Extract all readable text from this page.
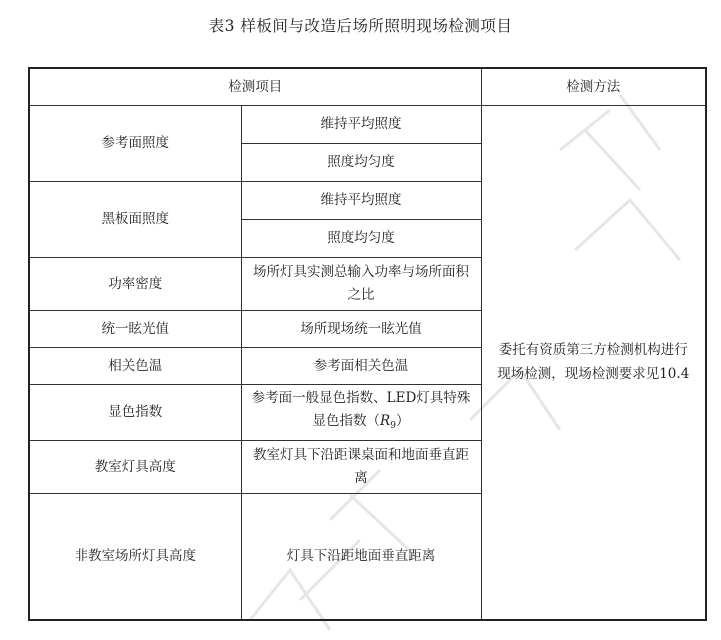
表3 样板间与改造后场所照明现场检测项目
检测项目		检测方法
参考面照度	维持平均照度	委托有资质第三方检测机构进行现场检测，现场检测要求见10.4
	照度均匀度	
黑板面照度	维持平均照度	
	照度均匀度	
功率密度	场所灯具实测总输入功率与场所面积之比	
统一眩光值	场所现场统一眩光值	
相关色温	参考面相关色温	
显色指数	参考面一般显色指数、LED灯具特殊显色指数$(R_9)$	
教室灯具高度	教室灯具下沿距课桌面和地面垂直距离	
非教室场所灯具高度	灯具下沿距地面垂直距离	
